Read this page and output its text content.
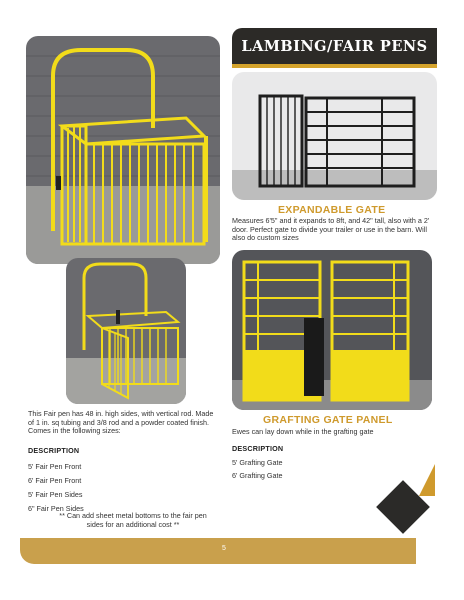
LAMBING/FAIR PENS
EXPANDABLE GATE
Measures 6'5" and it expands to 8ft, and 42" tall, also with a 2' door. Perfect gate to divide your trailer or use in the barn. Will also do custom sizes
GRAFTING GATE PANEL
Ewes can lay down while in the grafting gate
DESCRIPTION
5' Grafting Gate
6' Grafting Gate
This Fair pen has 48 in. high sides, with vertical rod. Made of 1 in. sq tubing and 3/8 rod and a powder coated finish. Comes in the following sizes:
DESCRIPTION
5' Fair Pen Front
6' Fair Pen Front
5' Fair Pen Sides
6" Fair Pen Sides
** Can add sheet metal bottoms to the fair pen sides for an additional cost **
5
